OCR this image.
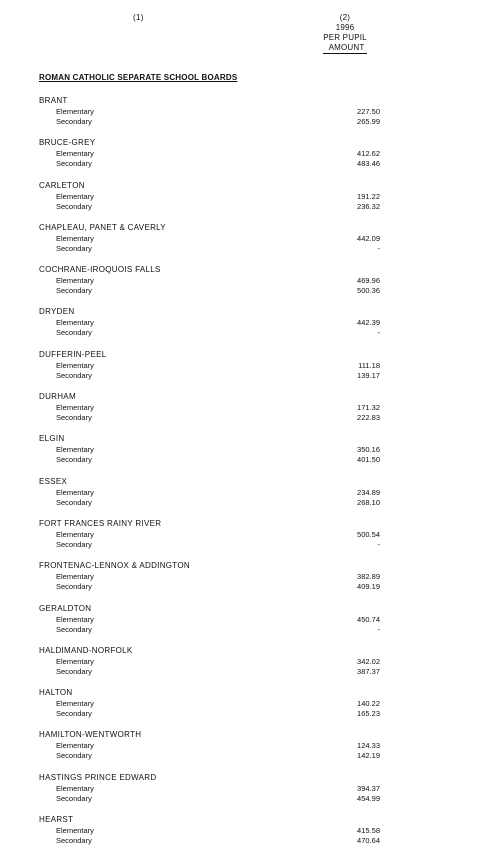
(1)	(2)
1996
PER PUPIL
AMOUNT
ROMAN CATHOLIC SEPARATE SCHOOL BOARDS
BRANT
Elementary	227.50
Secondary	265.99
BRUCE-GREY
Elementary	412.62
Secondary	483.46
CARLETON
Elementary	191.22
Secondary	236.32
CHAPLEAU, PANET & CAVERLY
Elementary	442.09
Secondary	-
COCHRANE-IROQUOIS FALLS
Elementary	469.96
Secondary	500.36
DRYDEN
Elementary	442.39
Secondary	-
DUFFERIN-PEEL
Elementary	111.18
Secondary	139.17
DURHAM
Elementary	171.32
Secondary	222.83
ELGIN
Elementary	350.16
Secondary	401.50
ESSEX
Elementary	234.89
Secondary	268.10
FORT FRANCES RAINY RIVER
Elementary	500.54
Secondary	-
FRONTENAC-LENNOX & ADDINGTON
Elementary	382.89
Secondary	409.19
GERALDTON
Elementary	450.74
Secondary	-
HALDIMAND-NORFOLK
Elementary	342.02
Secondary	387.37
HALTON
Elementary	140.22
Secondary	165.23
HAMILTON-WENTWORTH
Elementary	124.33
Secondary	142.19
HASTINGS PRINCE EDWARD
Elementary	394.37
Secondary	454.99
HEARST
Elementary	415.58
Secondary	470.64
